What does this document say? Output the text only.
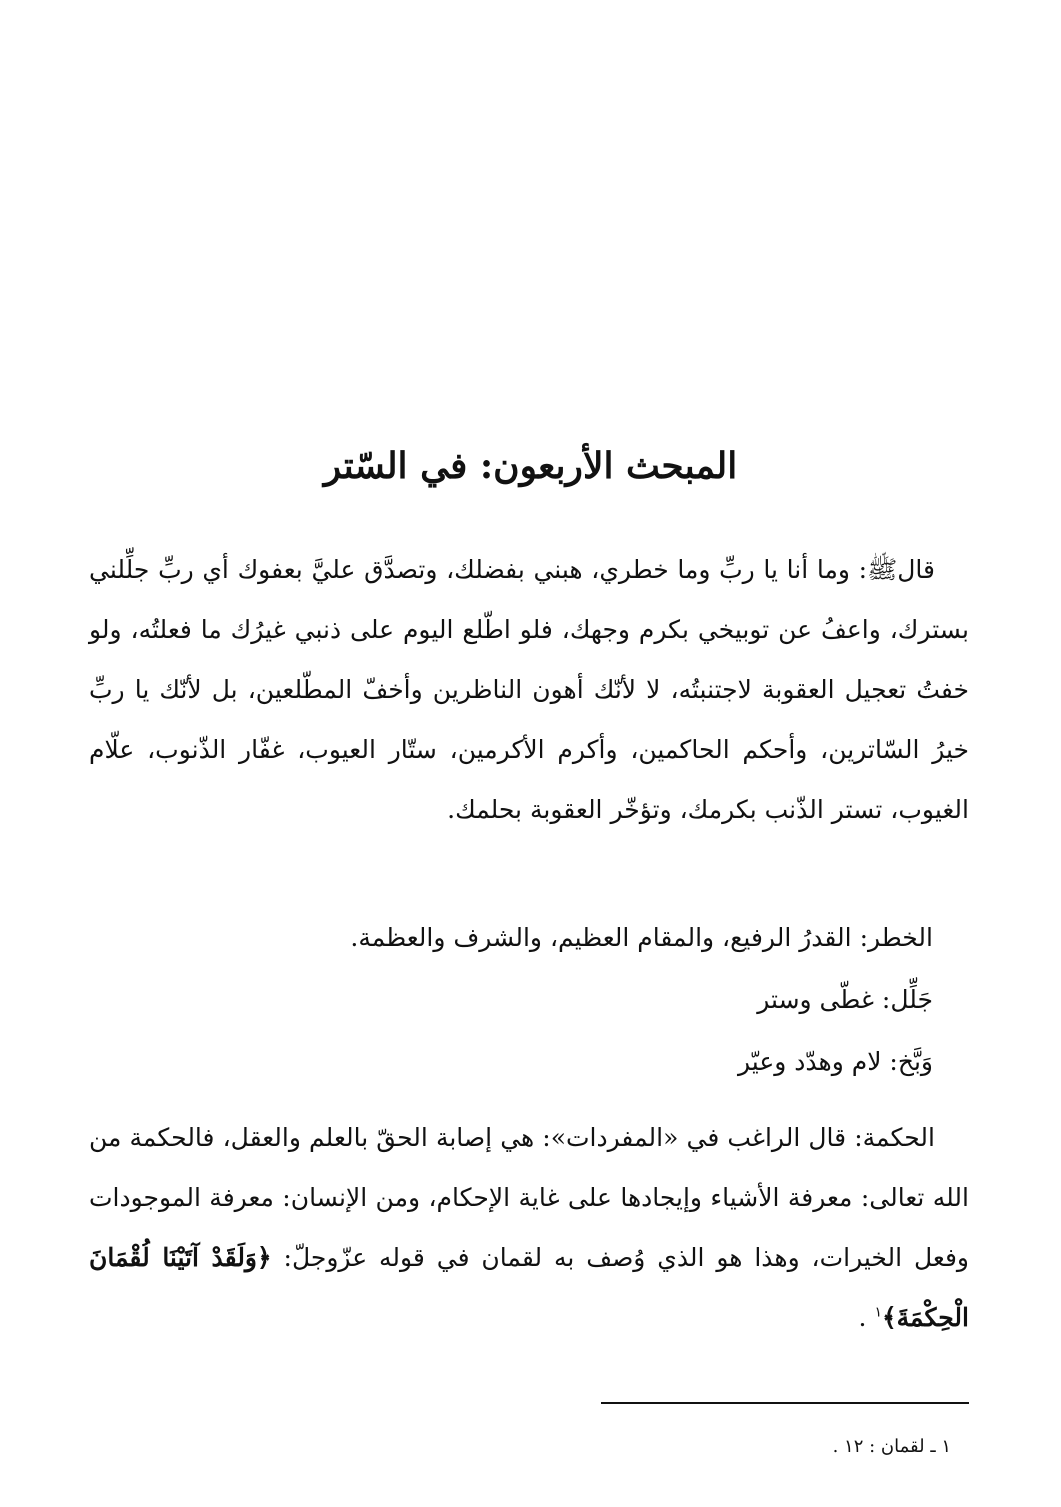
المبحث الأربعون: في السّتر

قالﷺ: وما أنا يا ربِّ وما خطري، هبني بفضلك، وتصدَّق عليَّ بعفوك أي ربِّ جلِّلني بسترك، واعفُ عن توبيخي بكرم وجهك، فلو اطّلع اليوم على ذنبي غيرُك ما فعلتُه، ولو خفتُ تعجيل العقوبة لاجتنبتُه، لا لأنّك أهون الناظرين وأخفّ المطّلعين، بل لأنّك يا ربِّ خيرُ السّاترين، وأحكم الحاكمين، وأكرم الأكرمين، ستّار العيوب، غفّار الذّنوب، علّام الغيوب، تستر الذّنب بكرمك، وتؤخّر العقوبة بحلمك.

الخطر: القدرُ الرفيع، والمقام العظيم، والشرف والعظمة.

جَلِّل: غطّى وستر

وَبَّخ: لام وهدّد وعيّر

الحكمة: قال الراغب في «المفردات»: هي إصابة الحقّ بالعلم والعقل، فالحكمة من الله تعالى: معرفة الأشياء وإيجادها على غاية الإحكام، ومن الإنسان: معرفة الموجودات وفعل الخيرات، وهذا هو الذي وُصف به لقمان في قوله عزّوجلّ: ﴿وَلَقَدْ آتَيْنَا لُقْمَانَ الْحِكْمَةَ﴾$^١$ .

١ ـ لقمان : ١٢ .
